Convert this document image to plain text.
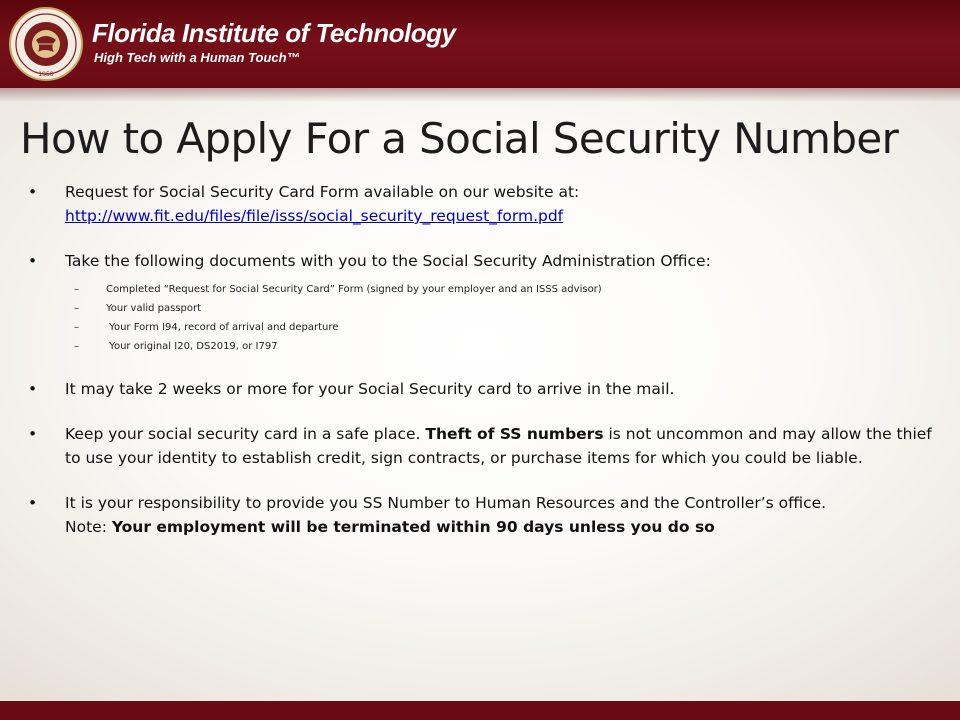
1958
Florida Institute of Technology
High Tech with a Human Touch™
How to Apply For a Social Security Number
• Request for Social Security Card Form available on our website at:
http://www.fit.edu/files/file/isss/social_security_request_form.pdf
• Take the following documents with you to the Social Security Administration Office:
–	Completed “Request for Social Security Card” Form (signed by your employer and an ISSS advisor)
–	Your valid passport
–	Your Form I94, record of arrival and departure
–	Your original I20, DS2019, or I797
• It may take 2 weeks or more for your Social Security card to arrive in the mail.
• Keep your social security card in a safe place. Theft of SS numbers is not uncommon and may allow the thief to use your identity to establish credit, sign contracts, or purchase items for which you could be liable.
• It is your responsibility to provide you SS Number to Human Resources and the Controller’s office.
Note: Your employment will be terminated within 90 days unless you do so
